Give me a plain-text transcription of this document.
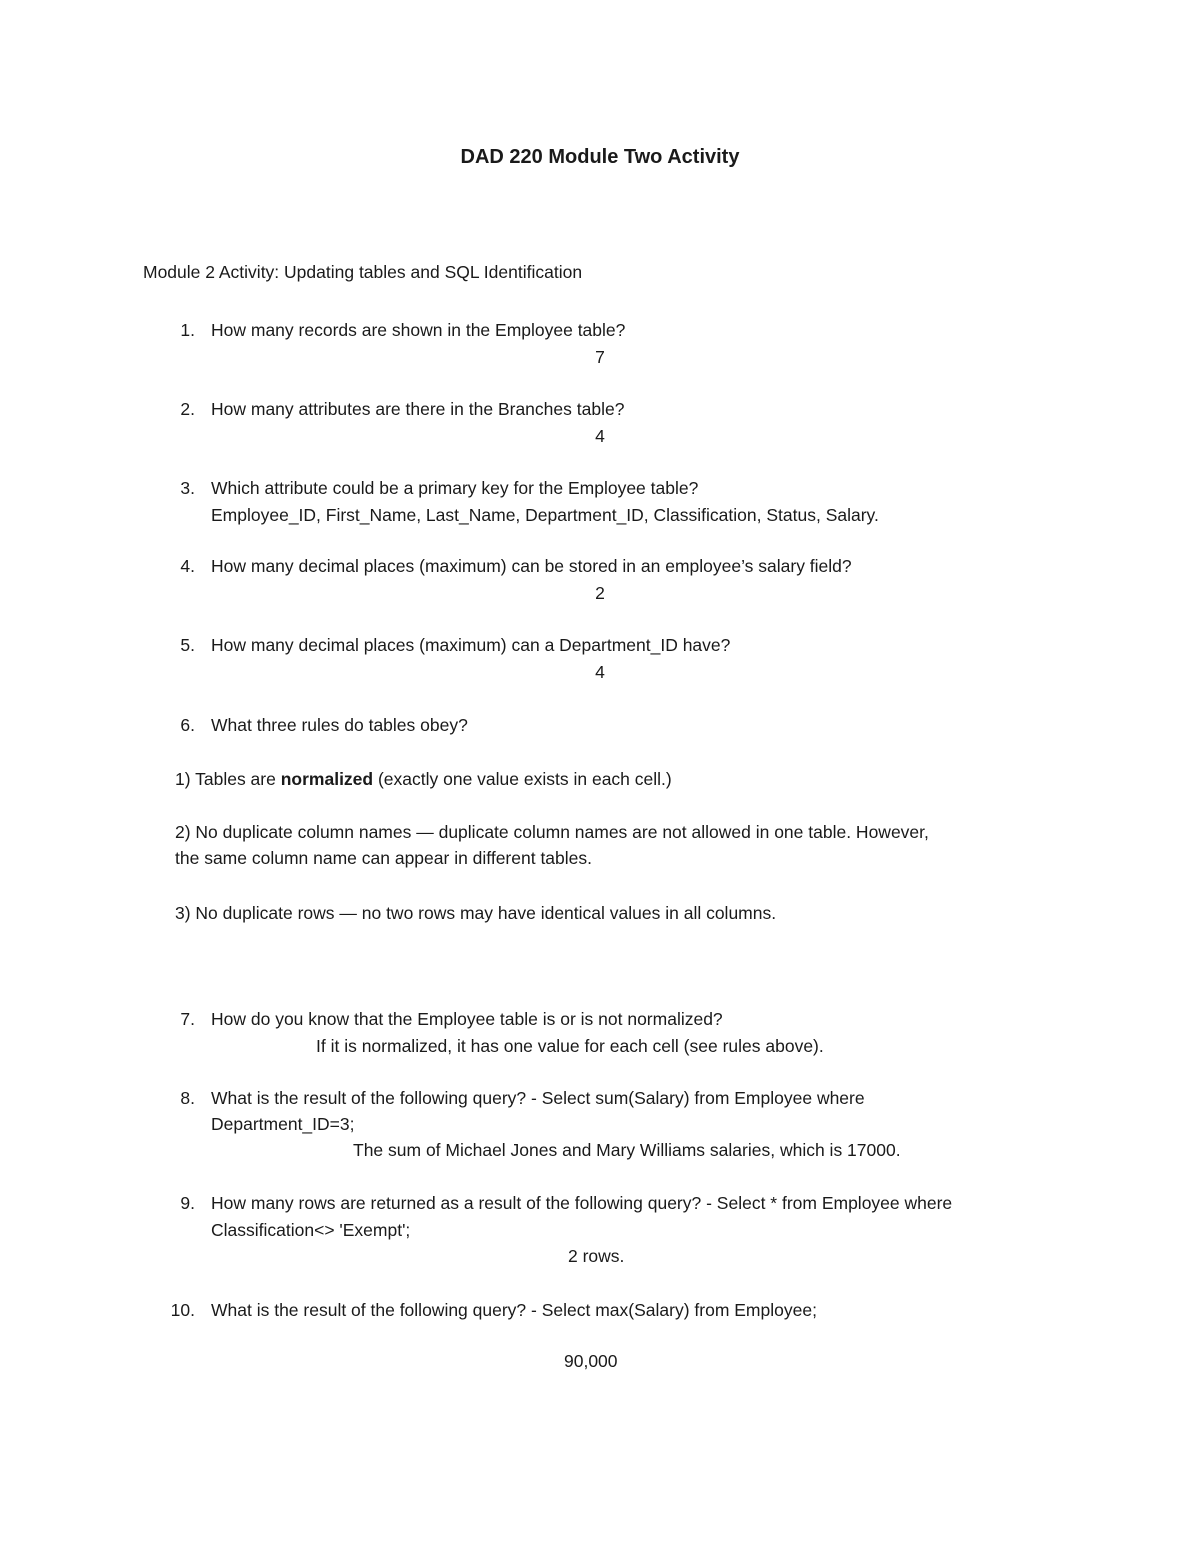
DAD 220 Module Two Activity
Module 2 Activity: Updating tables and SQL Identification
1. How many records are shown in the Employee table?
7
2. How many attributes are there in the Branches table?
4
3. Which attribute could be a primary key for the Employee table?
Employee_ID, First_Name, Last_Name, Department_ID, Classification, Status, Salary.
4. How many decimal places (maximum) can be stored in an employee’s salary field?
2
5. How many decimal places (maximum) can a Department_ID have?
4
6. What three rules do tables obey?
1) Tables are normalized (exactly one value exists in each cell.)
2) No duplicate column names — duplicate column names are not allowed in one table. However,
the same column name can appear in different tables.
3) No duplicate rows — no two rows may have identical values in all columns.
7. How do you know that the Employee table is or is not normalized?
If it is normalized, it has one value for each cell (see rules above).
8. What is the result of the following query? - Select sum(Salary) from Employee where
Department_ID=3;
The sum of Michael Jones and Mary Williams salaries, which is 17000.
9. How many rows are returned as a result of the following query? - Select * from Employee where
Classification<> 'Exempt';
2 rows.
10. What is the result of the following query? - Select max(Salary) from Employee;
90,000
